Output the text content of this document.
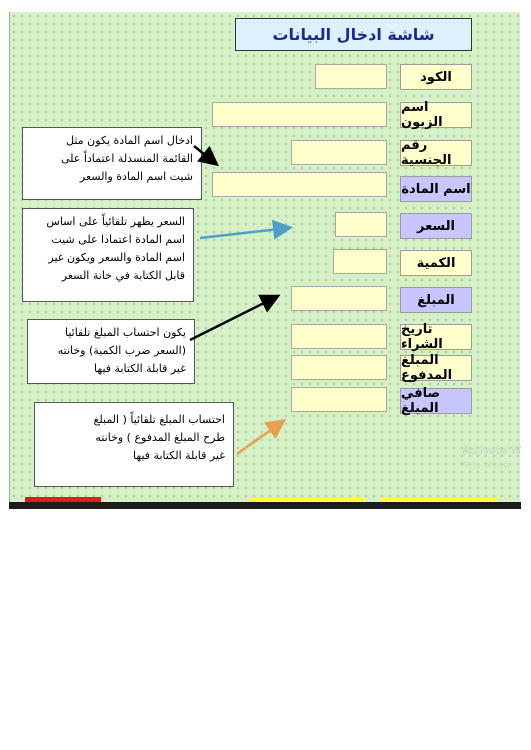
شاشة ادخال البيانات
الكود
اسم الزبون
رقم الجنسية
اسم المادة
السعر
الكمية
المبلغ
تاريخ الشراء
المبلغ المدفوع
صافي المبلغ
ادخال اسم المادة يكون مثل
القائمة المنسدلة اعتماداً على
شيت اسم المادة والسعر
السعر يظهر تلقائياً على اساس
اسم المادة اعتمادا على شيت
اسم المادة والسعر ويكون غير
قابل الكتابة في خانة السعر
يكون احتساب المبلغ تلقائيا
(السعر ضرب الكمية) وخانته
غير قابلة الكتابة فيها
احتساب المبلغ تلقائياً ( المبلغ
طرح المبلغ المدفوع ) وخانته
غير قابلة الكتابة فيها	Activate W
Go to Settings
